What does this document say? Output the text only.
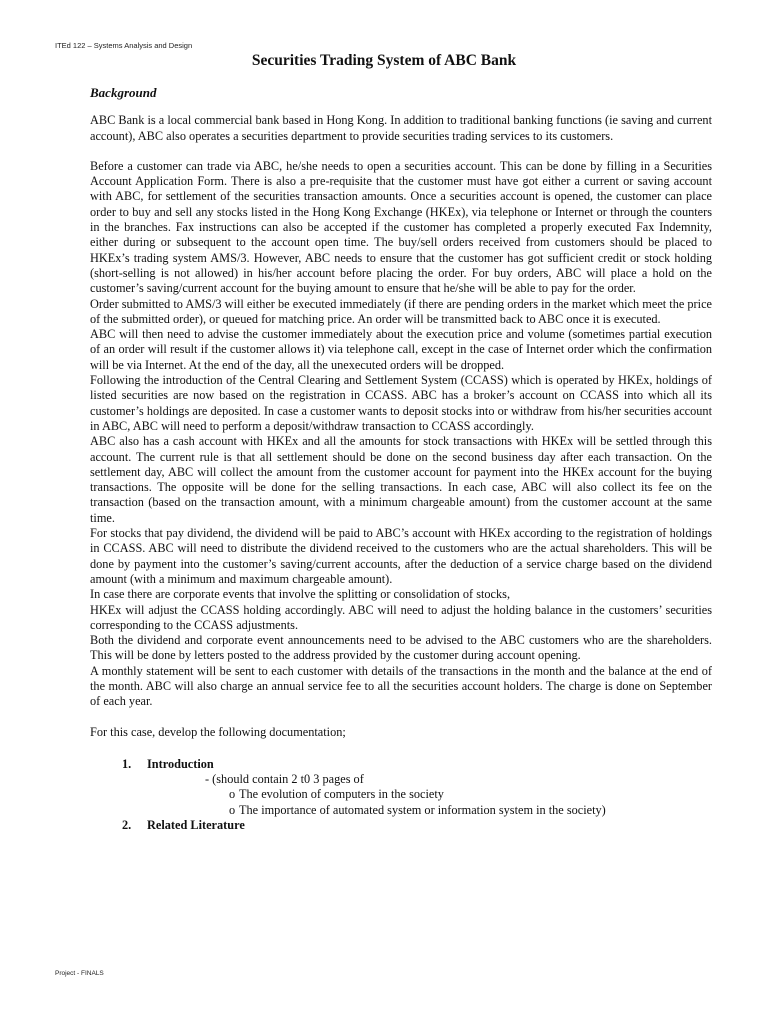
ITEd 122 – Systems Analysis and Design
Securities Trading System of ABC Bank
Background

ABC Bank is a local commercial bank based in Hong Kong. In addition to traditional banking functions (ie saving and current account), ABC also operates a securities department to provide securities trading services to its customers.

Before a customer can trade via ABC, he/she needs to open a securities account. This can be done by filling in a Securities Account Application Form. There is also a pre-requisite that the customer must have got either a current or saving account with ABC, for settlement of the securities transaction amounts. Once a securities account is opened, the customer can place order to buy and sell any stocks listed in the Hong Kong Exchange (HKEx), via telephone or Internet or through the counters in the branches. Fax instructions can also be accepted if the customer has completed a properly executed Fax Indemnity, either during or subsequent to the account open time. The buy/sell orders received from customers should be placed to HKEx’s trading system AMS/3. However, ABC needs to ensure that the customer has got sufficient credit or stock holding (short-selling is not allowed) in his/her account before placing the order. For buy orders, ABC will place a hold on the customer’s saving/current account for the buying amount to ensure that he/she will be able to pay for the order.

Order submitted to AMS/3 will either be executed immediately (if there are pending orders in the market which meet the price of the submitted order), or queued for matching price. An order will be transmitted back to ABC once it is executed.

ABC will then need to advise the customer immediately about the execution price and volume (sometimes partial execution of an order will result if the customer allows it) via telephone call, except in the case of Internet order which the confirmation will be via Internet. At the end of the day, all the unexecuted orders will be dropped.

Following the introduction of the Central Clearing and Settlement System (CCASS) which is operated by HKEx, holdings of listed securities are now based on the registration in CCASS. ABC has a broker’s account on CCASS into which all its customer’s holdings are deposited. In case a customer wants to deposit stocks into or withdraw from his/her securities account in ABC, ABC will need to perform a deposit/withdraw transaction to CCASS accordingly.

ABC also has a cash account with HKEx and all the amounts for stock transactions with HKEx will be settled through this account. The current rule is that all settlement should be done on the second business day after each transaction. On the settlement day, ABC will collect the amount from the customer account for payment into the HKEx account for the buying transactions. The opposite will be done for the selling transactions. In each case, ABC will also collect its fee on the transaction (based on the transaction amount, with a minimum chargeable amount) from the customer account at the same time.

For stocks that pay dividend, the dividend will be paid to ABC’s account with HKEx according to the registration of holdings in CCASS. ABC will need to distribute the dividend received to the customers who are the actual shareholders. This will be done by payment into the customer’s saving/current accounts, after the deduction of a service charge based on the dividend amount (with a minimum and maximum chargeable amount).

In case there are corporate events that involve the splitting or consolidation of stocks,

HKEx will adjust the CCASS holding accordingly. ABC will need to adjust the holding balance in the customers’ securities corresponding to the CCASS adjustments.

Both the dividend and corporate event announcements need to be advised to the ABC customers who are the shareholders. This will be done by letters posted to the address provided by the customer during account opening.

A monthly statement will be sent to each customer with details of the transactions in the month and the balance at the end of the month. ABC will also charge an annual service fee to all the securities account holders. The charge is done on September of each year.

For this case, develop the following documentation;

1. Introduction
- (should contain 2 t0 3 pages of
o The evolution of computers in the society
o The importance of automated system or information system in the society)
2. Related Literature
Project - FINALS
